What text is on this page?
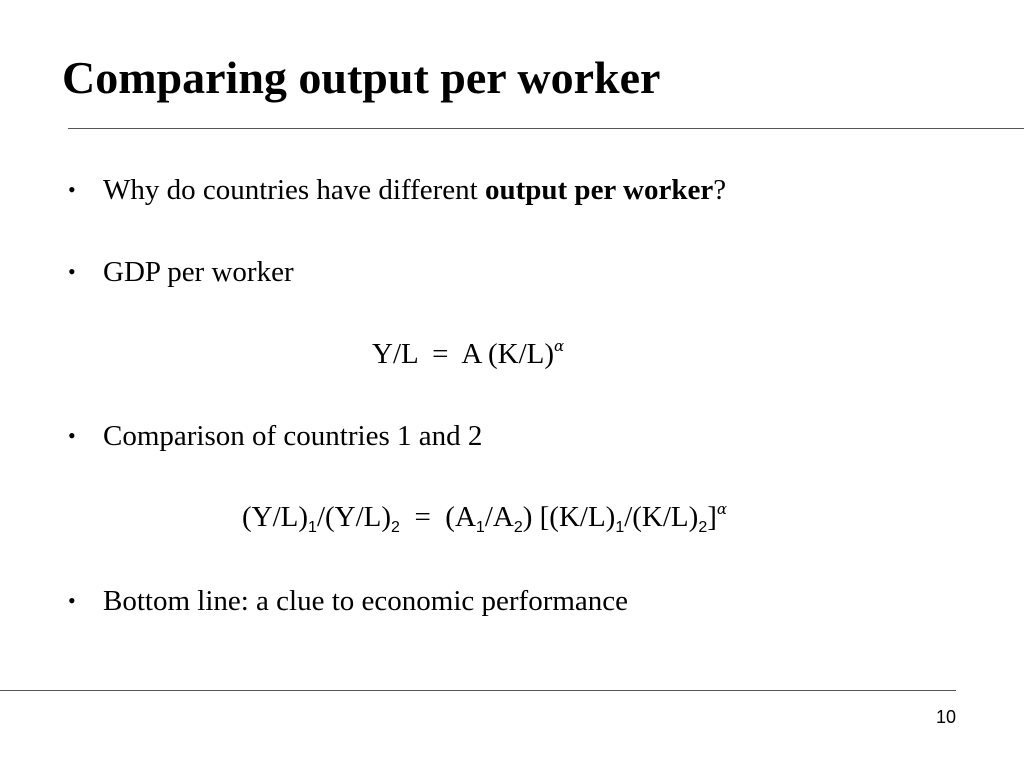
Comparing output per worker
• Why do countries have different output per worker?
• GDP per worker
Y/L = A $(K/L)^\alpha$
• Comparison of countries 1 and 2
$(Y/L)_1/(Y/L)_2 = (A_1/A_2)$ $[(K/L)_1/(K/L)_2]^\alpha$
• Bottom line: a clue to economic performance
10
